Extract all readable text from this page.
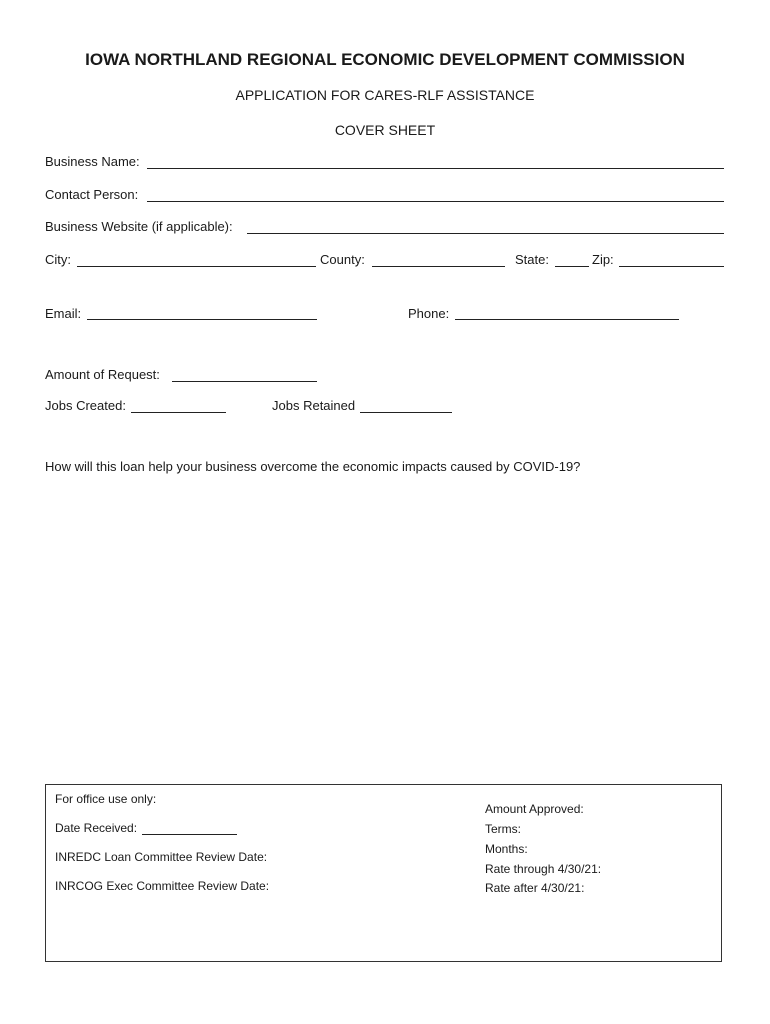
IOWA NORTHLAND REGIONAL ECONOMIC DEVELOPMENT COMMISSION
APPLICATION FOR CARES-RLF ASSISTANCE
COVER SHEET
Business Name:
Contact Person:
Business Website (if applicable):
City:	County:	State:	Zip:
Email:	Phone:
Amount of Request:
Jobs Created:	Jobs Retained
How will this loan help your business overcome the economic impacts caused by COVID-19?
For office use only:
Date Received:
INREDC Loan Committee Review Date:
INRCOG Exec Committee Review Date:
Amount Approved:
Terms:
Months:
Rate through 4/30/21:
Rate after 4/30/21:
